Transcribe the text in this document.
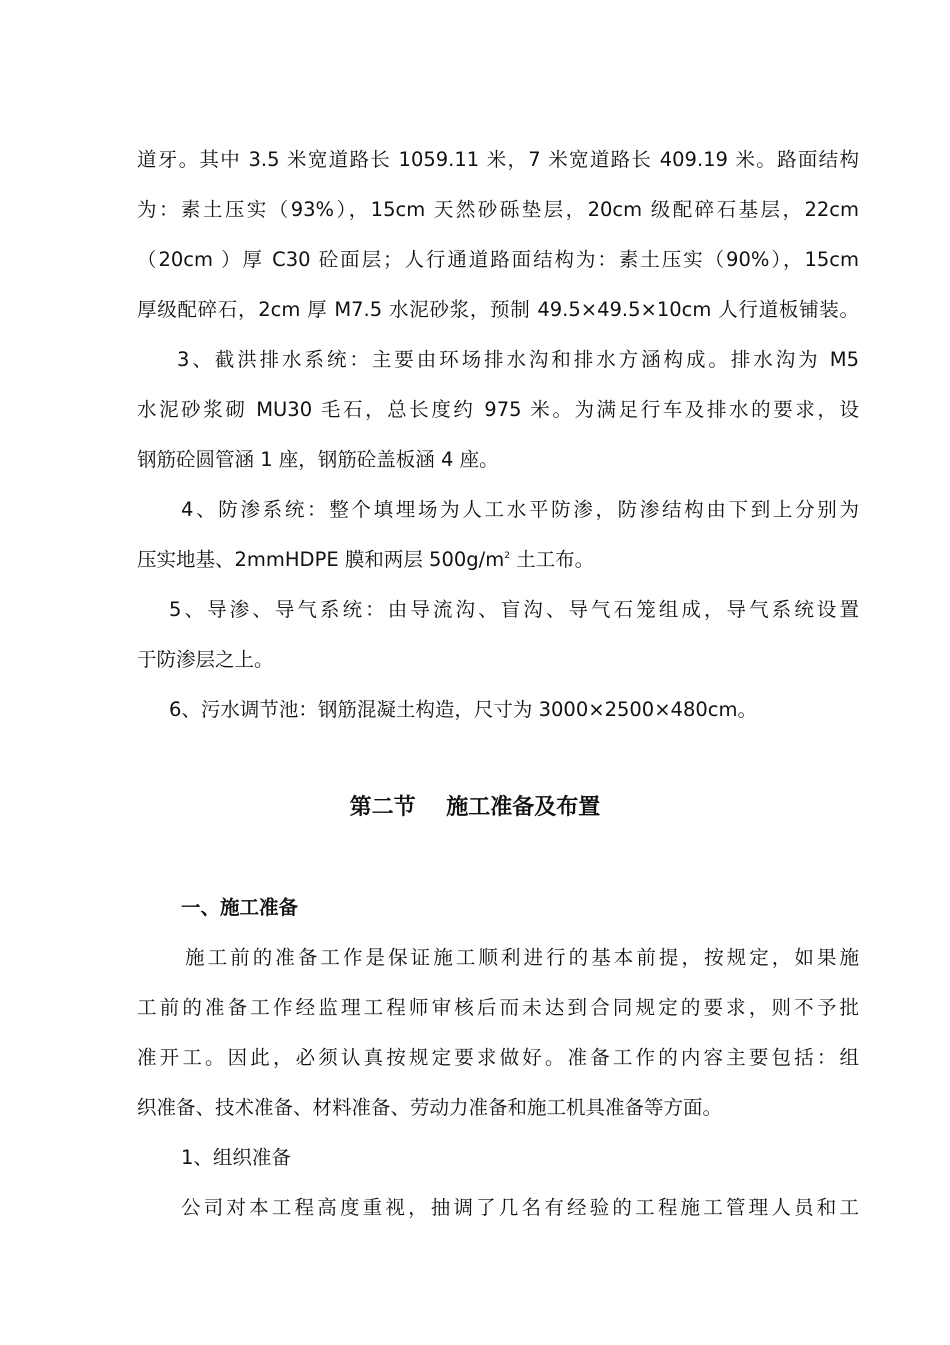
道牙。其中 3.5 米宽道路长 1059.11 米，7 米宽道路长 409.19 米。路面结构
为：素土压实（93%），15cm 天然砂砾垫层，20cm 级配碎石基层，22cm
（20cm ）厚 C30 砼面层；人行通道路面结构为：素土压实（90%），15cm
厚级配碎石，2cm 厚 M7.5 水泥砂浆，预制 49.5×49.5×10cm 人行道板铺装。
3、截洪排水系统：主要由环场排水沟和排水方涵构成。排水沟为 M5
水泥砂浆砌 MU30 毛石，总长度约 975 米。为满足行车及排水的要求，设
钢筋砼圆管涵 1 座，钢筋砼盖板涵 4 座。
4、防渗系统：整个填埋场为人工水平防渗，防渗结构由下到上分别为
压实地基、2mmHDPE 膜和两层 $500g/m^2$ 土工布。
5、导渗、导气系统：由导流沟、盲沟、导气石笼组成，导气系统设置
于防渗层之上。
6、污水调节池：钢筋混凝土构造，尺寸为 3000×2500×480cm。
第二节    施工准备及布置
一、施工准备
施工前的准备工作是保证施工顺利进行的基本前提，按规定，如果施
工前的准备工作经监理工程师审核后而未达到合同规定的要求，则不予批
准开工。因此，必须认真按规定要求做好。准备工作的内容主要包括：组
织准备、技术准备、材料准备、劳动力准备和施工机具准备等方面。
1、组织准备
公司对本工程高度重视，抽调了几名有经验的工程施工管理人员和工
